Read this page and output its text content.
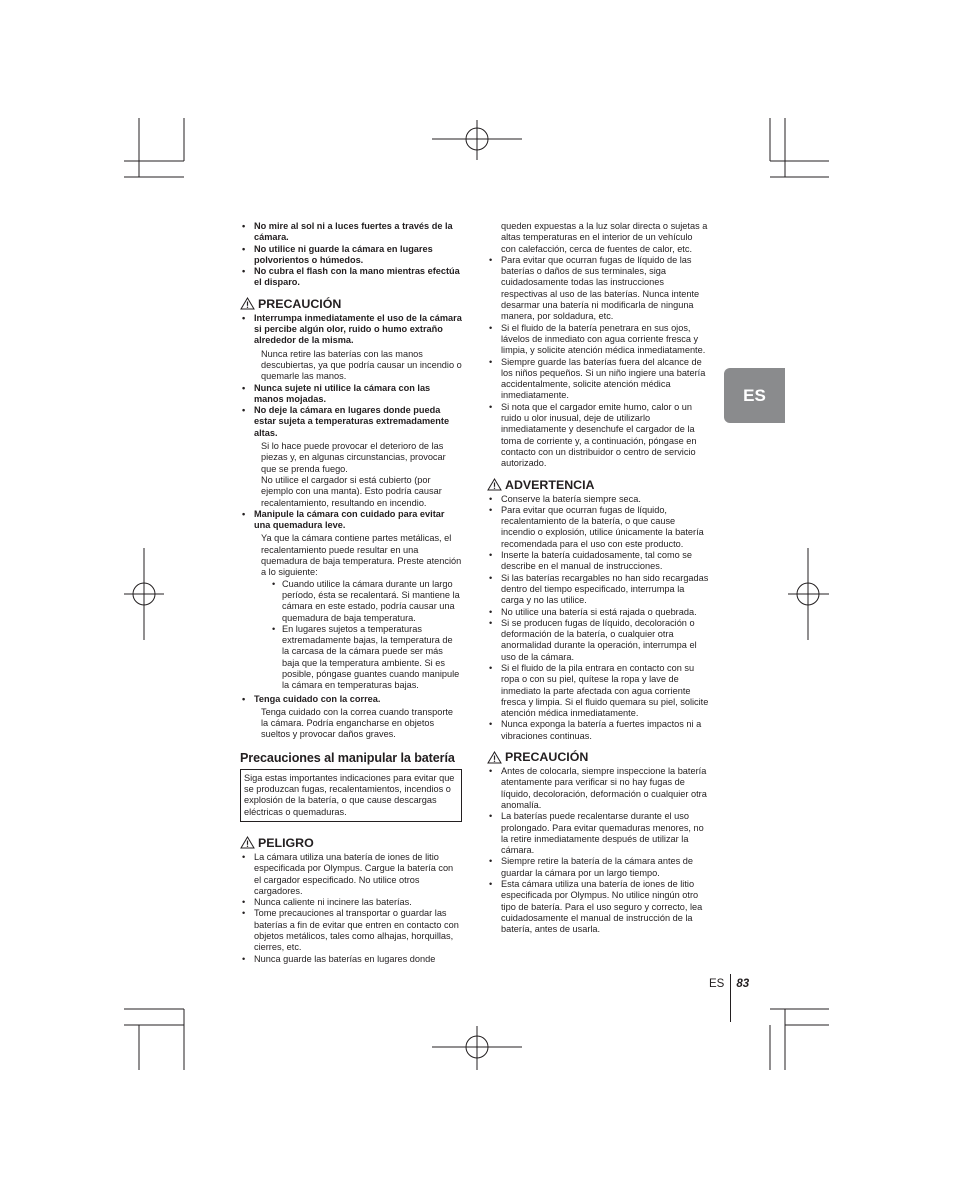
• No mire al sol ni a luces fuertes a través de la cámara.
• No utilice ni guarde la cámara en lugares polvorientos o húmedos.
• No cubra el flash con la mano mientras efectúa el disparo.
PRECAUCIÓN
• Interrumpa inmediatamente el uso de la cámara si percibe algún olor, ruido o humo extraño alrededor de la misma.
Nunca retire las baterías con las manos descubiertas, ya que podría causar un incendio o quemarle las manos.
• Nunca sujete ni utilice la cámara con las manos mojadas.
• No deje la cámara en lugares donde pueda estar sujeta a temperaturas extremadamente altas.
Si lo hace puede provocar el deterioro de las piezas y, en algunas circunstancias, provocar que se prenda fuego.
No utilice el cargador si está cubierto (por ejemplo con una manta). Esto podría causar recalentamiento, resultando en incendio.
• Manipule la cámara con cuidado para evitar una quemadura leve.
Ya que la cámara contiene partes metálicas, el recalentamiento puede resultar en una quemadura de baja temperatura. Preste atención a lo siguiente:
• Cuando utilice la cámara durante un largo período, ésta se recalentará. Si mantiene la cámara en este estado, podría causar una quemadura de baja temperatura.
• En lugares sujetos a temperaturas extremadamente bajas, la temperatura de la carcasa de la cámara puede ser más baja que la temperatura ambiente. Si es posible, póngase guantes cuando manipule la cámara en temperaturas bajas.
• Tenga cuidado con la correa.
Tenga cuidado con la correa cuando transporte la cámara. Podría engancharse en objetos sueltos y provocar daños graves.
Precauciones al manipular la batería
Siga estas importantes indicaciones para evitar que se produzcan fugas, recalentamientos, incendios o explosión de la batería, o que cause descargas eléctricas o quemaduras.
PELIGRO
• La cámara utiliza una batería de iones de litio especificada por Olympus. Cargue la batería con el cargador especificado. No utilice otros cargadores.
• Nunca caliente ni incinere las baterías.
• Tome precauciones al transportar o guardar las baterías a fin de evitar que entren en contacto con objetos metálicos, tales como alhajas, horquillas, cierres, etc.
• Nunca guarde las baterías en lugares donde
queden expuestas a la luz solar directa o sujetas a altas temperaturas en el interior de un vehículo con calefacción, cerca de fuentes de calor, etc.
• Para evitar que ocurran fugas de líquido de las baterías o daños de sus terminales, siga cuidadosamente todas las instrucciones respectivas al uso de las baterías. Nunca intente desarmar una batería ni modificarla de ninguna manera, por soldadura, etc.
• Si el fluido de la batería penetrara en sus ojos, lávelos de inmediato con agua corriente fresca y limpia, y solicite atención médica inmediatamente.
• Siempre guarde las baterías fuera del alcance de los niños pequeños. Si un niño ingiere una batería accidentalmente, solicite atención médica inmediatamente.
• Si nota que el cargador emite humo, calor o un ruido u olor inusual, deje de utilizarlo inmediatamente y desenchufe el cargador de la toma de corriente y, a continuación, póngase en contacto con un distribuidor o centro de servicio autorizado.
ADVERTENCIA
• Conserve la batería siempre seca.
• Para evitar que ocurran fugas de líquido, recalentamiento de la batería, o que cause incendio o explosión, utilice únicamente la batería recomendada para el uso con este producto.
• Inserte la batería cuidadosamente, tal como se describe en el manual de instrucciones.
• Si las baterías recargables no han sido recargadas dentro del tiempo especificado, interrumpa la carga y no las utilice.
• No utilice una batería si está rajada o quebrada.
• Si se producen fugas de líquido, decoloración o deformación de la batería, o cualquier otra anormalidad durante la operación, interrumpa el uso de la cámara.
• Si el fluido de la pila entrara en contacto con su ropa o con su piel, quítese la ropa y lave de inmediato la parte afectada con agua corriente fresca y limpia. Si el fluido quemara su piel, solicite atención médica inmediatamente.
• Nunca exponga la batería a fuertes impactos ni a vibraciones continuas.
PRECAUCIÓN
• Antes de colocarla, siempre inspeccione la batería atentamente para verificar si no hay fugas de líquido, decoloración, deformación o cualquier otra anomalía.
• La baterías puede recalentarse durante el uso prolongado. Para evitar quemaduras menores, no la retire inmediatamente después de utilizar la cámara.
• Siempre retire la batería de la cámara antes de guardar la cámara por un largo tiempo.
• Esta cámara utiliza una batería de iones de litio especificada por Olympus. No utilice ningún otro tipo de batería. Para el uso seguro y correcto, lea cuidadosamente el manual de instrucción de la batería, antes de usarla.
ES
ES 83
